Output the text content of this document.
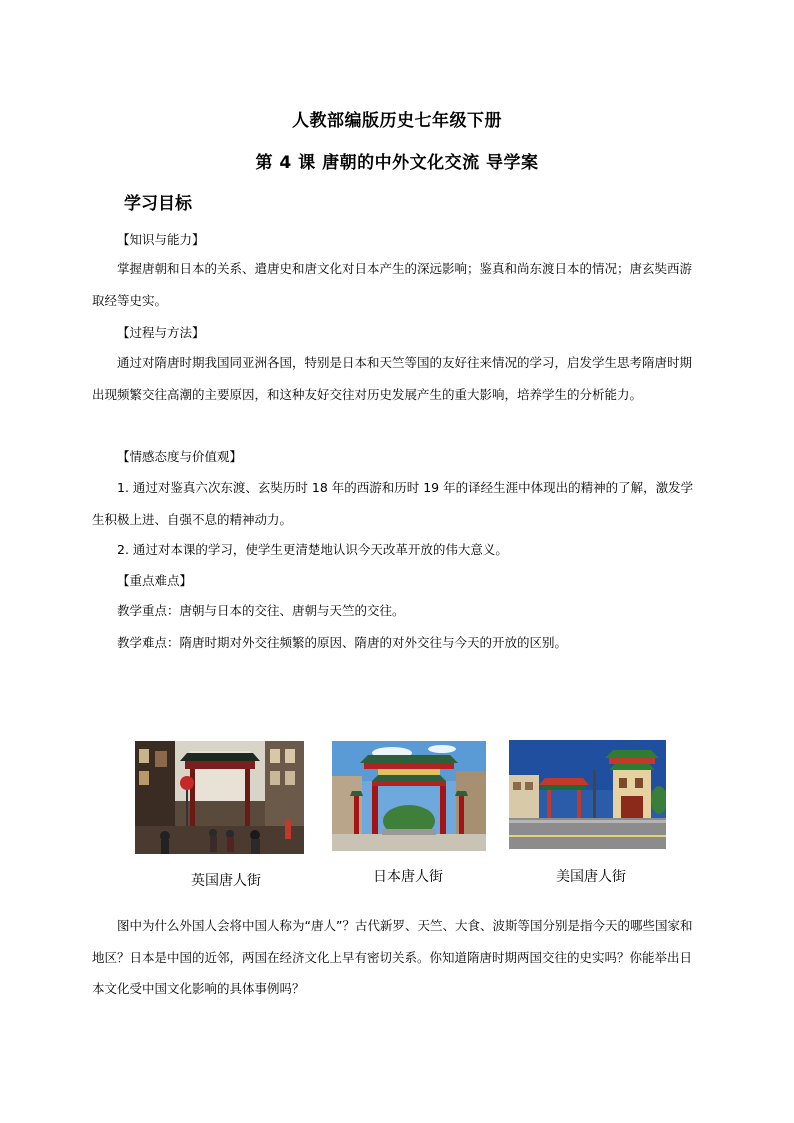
人教部编版历史七年级下册
第 4 课 唐朝的中外文化交流 导学案
学习目标
【知识与能力】
掌握唐朝和日本的关系、遣唐史和唐文化对日本产生的深远影响；鉴真和尚东渡日本的情况；唐玄奘西游取经等史实。
【过程与方法】
通过对隋唐时期我国同亚洲各国，特别是日本和天竺等国的友好往来情况的学习，启发学生思考隋唐时期出现频繁交往高潮的主要原因，和这种友好交往对历史发展产生的重大影响，培养学生的分析能力。
【情感态度与价值观】
1. 通过对鉴真六次东渡、玄奘历时 18 年的西游和历时 19 年的译经生涯中体现出的精神的了解，激发学生积极上进、自强不息的精神动力。
2. 通过对本课的学习，使学生更清楚地认识今天改革开放的伟大意义。
【重点难点】
教学重点：唐朝与日本的交往、唐朝与天竺的交往。
教学难点：隋唐时期对外交往频繁的原因、隋唐的对外交往与今天的开放的区别。
英国唐人街	日本唐人街	美国唐人街
图中为什么外国人会将中国人称为“唐人”？古代新罗、天竺、大食、波斯等国分别是指今天的哪些国家和地区？日本是中国的近邻，两国在经济文化上早有密切关系。你知道隋唐时期两国交往的史实吗？你能举出日本文化受中国文化影响的具体事例吗？
